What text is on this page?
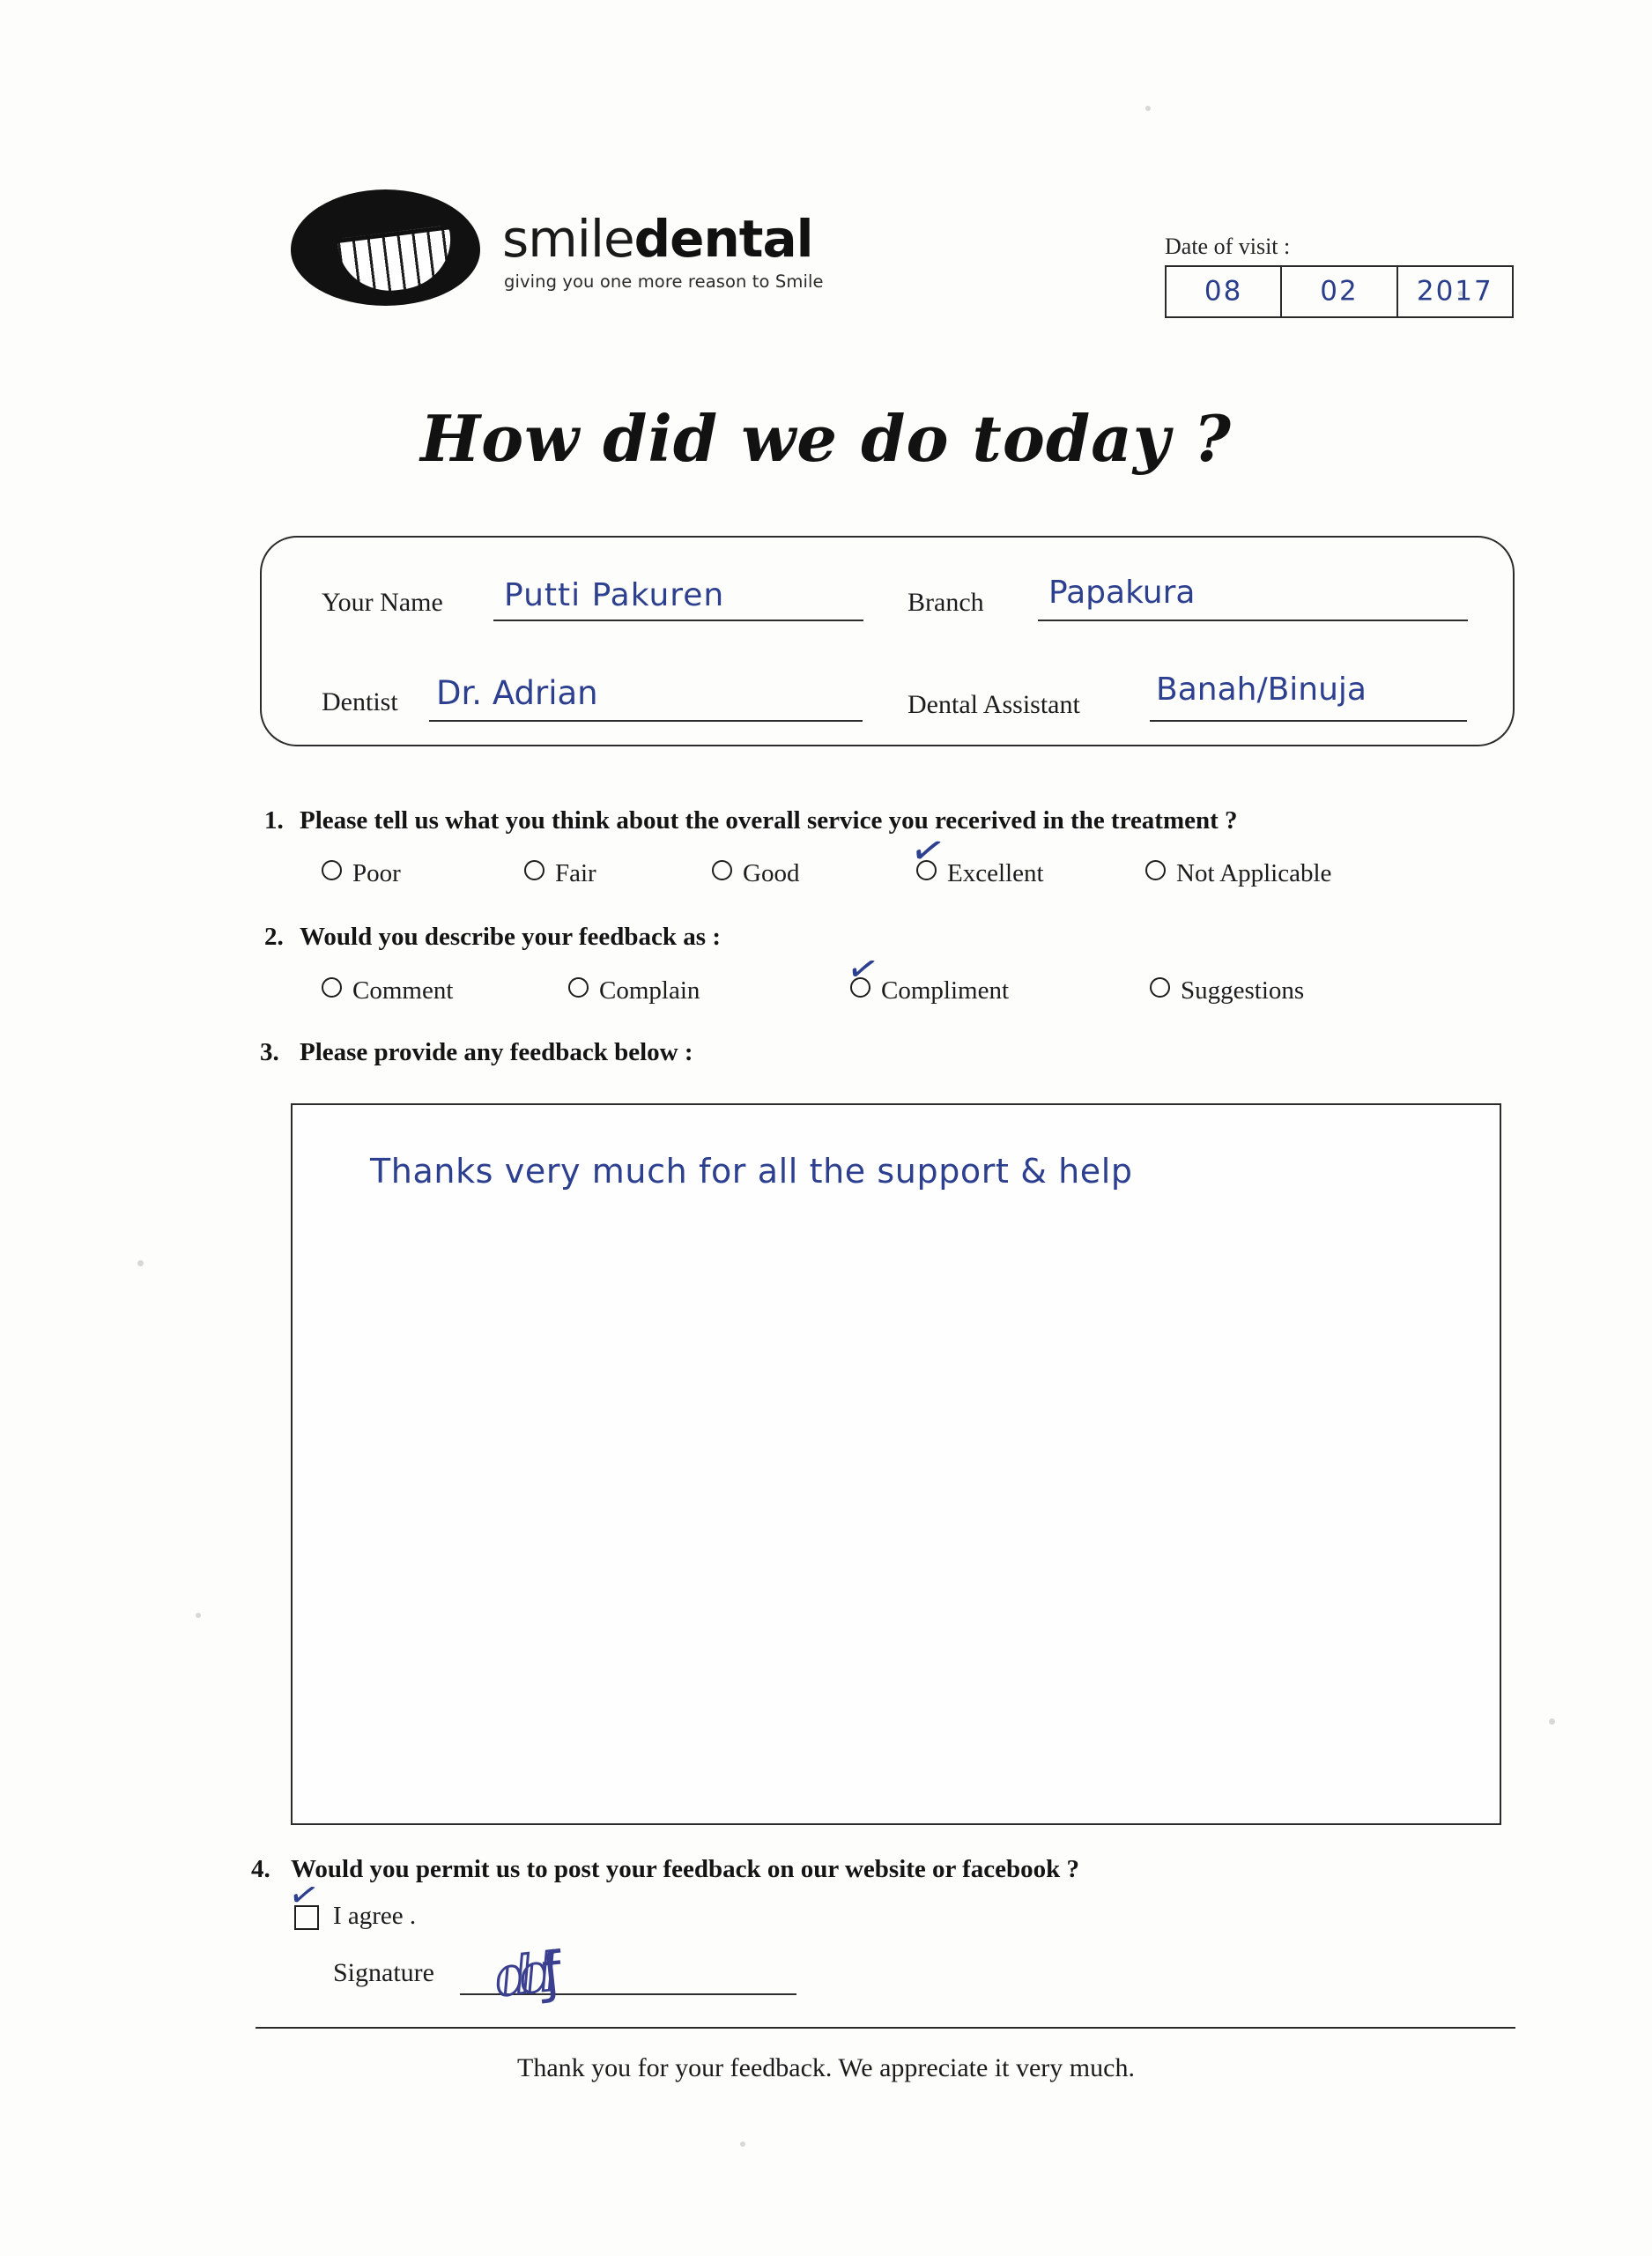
smiledental
giving you one more reason to Smile
Date of visit :
08	02 2017
How did we do today ?
Your Name Putti Pakuren	Branch Papakura
Dentist Dr. Adrian	Dental Assistant Banah/Binuja
1. Please tell us what you think about the overall service you recerived in the treatment ?
Poor	Fair	Good	Excellent
✓	Not Applicable
2. Would you describe your feedback as :
Comment	Complain	Compliment
✓	Suggestions
3. Please provide any feedback below :
Thanks very much for all the support & help
4. Would you permit us to post your feedback on our website or facebook ?
✓ I agree .
Signature ⅆⅆƒ
Thank you for your feedback. We appreciate it very much.
